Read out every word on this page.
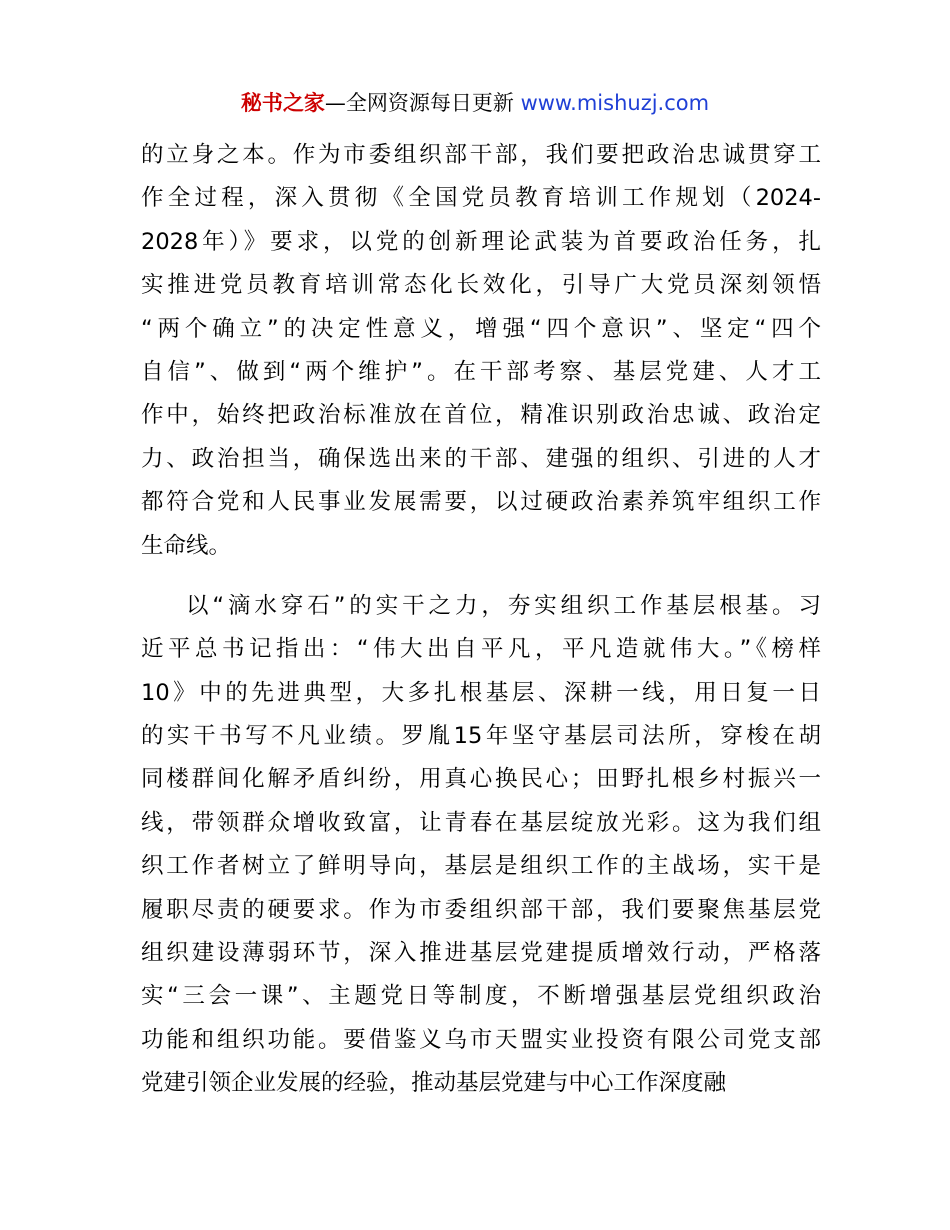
秘书之家—全网资源每日更新 www.mishuzj.com
的立身之本。作为市委组织部干部，我们要把政治忠诚贯穿工
作全过程，深入贯彻《全国党员教育培训工作规划（2024-
2028年）》要求，以党的创新理论武装为首要政治任务，扎
实推进党员教育培训常态化长效化，引导广大党员深刻领悟
“两个确立”的决定性意义，增强“四个意识”、坚定“四个
自信”、做到“两个维护”。在干部考察、基层党建、人才工
作中，始终把政治标准放在首位，精准识别政治忠诚、政治定
力、政治担当，确保选出来的干部、建强的组织、引进的人才
都符合党和人民事业发展需要，以过硬政治素养筑牢组织工作
生命线。
以“滴水穿石”的实干之力，夯实组织工作基层根基。习
近平总书记指出：“伟大出自平凡，平凡造就伟大。”《榜样
10》中的先进典型，大多扎根基层、深耕一线，用日复一日
的实干书写不凡业绩。罗胤15年坚守基层司法所，穿梭在胡
同楼群间化解矛盾纠纷，用真心换民心；田野扎根乡村振兴一
线，带领群众增收致富，让青春在基层绽放光彩。这为我们组
织工作者树立了鲜明导向，基层是组织工作的主战场，实干是
履职尽责的硬要求。作为市委组织部干部，我们要聚焦基层党
组织建设薄弱环节，深入推进基层党建提质增效行动，严格落
实“三会一课”、主题党日等制度，不断增强基层党组织政治
功能和组织功能。要借鉴义乌市天盟实业投资有限公司党支部
党建引领企业发展的经验，推动基层党建与中心工作深度融
